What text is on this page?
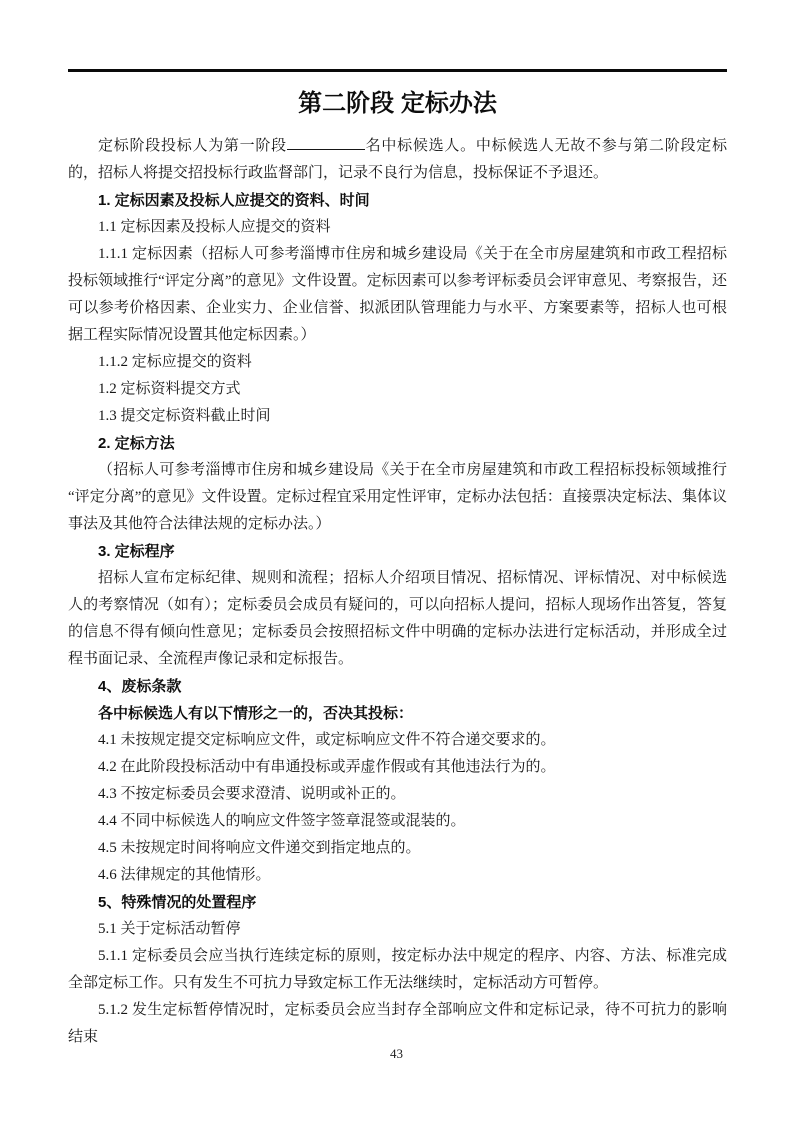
第二阶段 定标办法

定标阶段投标人为第一阶段	名中标候选人。中标候选人无故不参与第二阶段定标的，招标人将提交招投标行政监督部门，记录不良行为信息，投标保证不予退还。

1. 定标因素及投标人应提交的资料、时间

1.1 定标因素及投标人应提交的资料

1.1.1 定标因素（招标人可参考淄博市住房和城乡建设局《关于在全市房屋建筑和市政工程招标投标领域推行“评定分离”的意见》文件设置。定标因素可以参考评标委员会评审意见、考察报告，还可以参考价格因素、企业实力、企业信誉、拟派团队管理能力与水平、方案要素等，招标人也可根据工程实际情况设置其他定标因素。）

1.1.2 定标应提交的资料

1.2 定标资料提交方式

1.3 提交定标资料截止时间

2. 定标方法

（招标人可参考淄博市住房和城乡建设局《关于在全市房屋建筑和市政工程招标投标领域推行“评定分离”的意见》文件设置。定标过程宜采用定性评审，定标办法包括：直接票决定标法、集体议事法及其他符合法律法规的定标办法。）

3. 定标程序

招标人宣布定标纪律、规则和流程；招标人介绍项目情况、招标情况、评标情况、对中标候选人的考察情况（如有）；定标委员会成员有疑问的，可以向招标人提问，招标人现场作出答复，答复的信息不得有倾向性意见；定标委员会按照招标文件中明确的定标办法进行定标活动，并形成全过程书面记录、全流程声像记录和定标报告。

4、废标条款

各中标候选人有以下情形之一的，否决其投标：

4.1 未按规定提交定标响应文件，或定标响应文件不符合递交要求的。

4.2 在此阶段投标活动中有串通投标或弄虚作假或有其他违法行为的。

4.3 不按定标委员会要求澄清、说明或补正的。

4.4 不同中标候选人的响应文件签字签章混签或混装的。

4.5 未按规定时间将响应文件递交到指定地点的。

4.6 法律规定的其他情形。

5、特殊情况的处置程序

5.1 关于定标活动暂停

5.1.1 定标委员会应当执行连续定标的原则，按定标办法中规定的程序、内容、方法、标准完成全部定标工作。只有发生不可抗力导致定标工作无法继续时，定标活动方可暂停。

5.1.2 发生定标暂停情况时，定标委员会应当封存全部响应文件和定标记录，待不可抗力的影响结束

43
